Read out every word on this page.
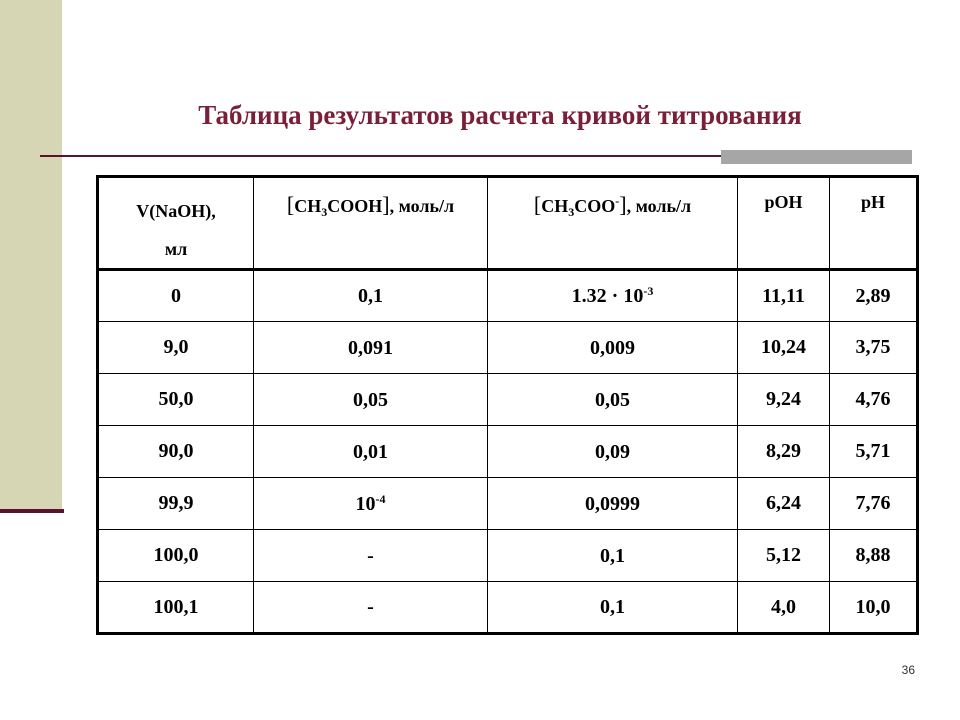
Таблица результатов расчета кривой титрования
V(NaOH),
мл	$[CH_3COOH]$, моль/л	$[CH_3COO^-]$, моль/л	pOH	pH
0	0,1	$1.32 \cdot 10^{-3}$	11,11	2,89
9,0	0,091	0,009	10,24	3,75
50,0	0,05	0,05	9,24	4,76
90,0	0,01	0,09	8,29	5,71
99,9	$10^{-4}$	0,0999	6,24	7,76
100,0	-	0,1	5,12	8,88
100,1	-	0,1	4,0	10,0
36
